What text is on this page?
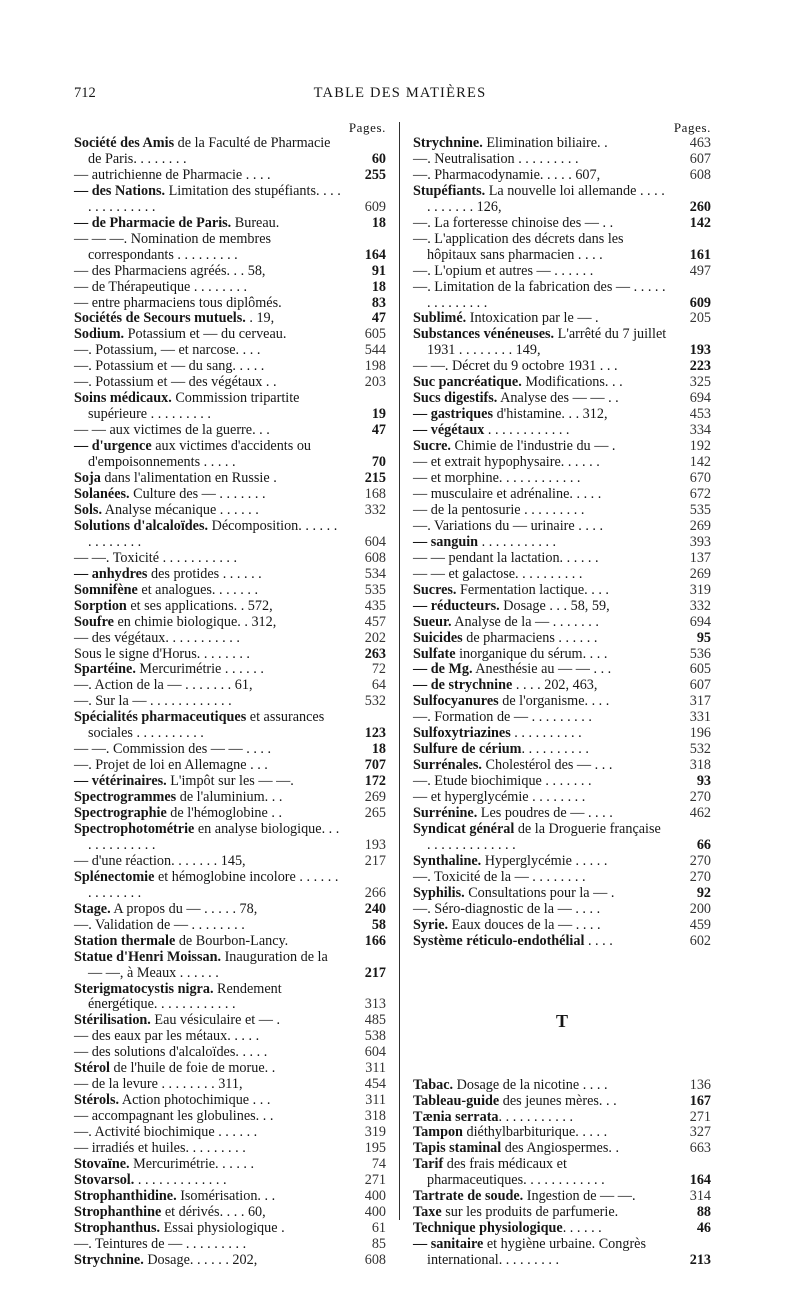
712	TABLE DES MATIÈRES
Pages.
Société des Amis de la Faculté de Pharmacie de Paris. . . . . . . .	60
— autrichienne de Pharmacie . . . .	255
— des Nations. Limitation des stupéfiants. . . . . . . . . . . . . .	609
— de Pharmacie de Paris. Bureau.	18
— — —. Nomination de membres correspondants . . . . . . . . .	164
— des Pharmaciens agréés. . . 58,	91
— de Thérapeutique . . . . . . . .	18
— entre pharmaciens tous diplômés.	83
Sociétés de Secours mutuels. . 19,	47
Sodium. Potassium et — du cerveau.	605
—. Potassium, — et narcose. . . .	544
—. Potassium et — du sang. . . . .	198
—. Potassium et — des végétaux . .	203
Soins médicaux. Commission tripartite supérieure . . . . . . . . .	19
— — aux victimes de la guerre. . .	47
— d'urgence aux victimes d'accidents ou d'empoisonnements . . . . .	70
Soja dans l'alimentation en Russie .	215
Solanées. Culture des — . . . . . . .	168
Sols. Analyse mécanique . . . . . .	332
Solutions d'alcaloïdes. Décomposition. . . . . . . . . . . . . .	604
— —. Toxicité . . . . . . . . . . .	608
— anhydres des protides . . . . . .	534
Somnifène et analogues. . . . . . .	535
Sorption et ses applications. . 572,	435
Soufre en chimie biologique. . 312,	457
— des végétaux. . . . . . . . . . .	202
Sous le signe d'Horus. . . . . . . .	263
Spartéine. Mercurimétrie . . . . . .	72
—. Action de la — . . . . . . . 61,	64
—. Sur la — . . . . . . . . . . . .	532
Spécialités pharmaceutiques et assurances sociales . . . . . . . . . .	123
— —. Commission des — — . . . .	18
—. Projet de loi en Allemagne . . .	707
— vétérinaires. L'impôt sur les — —.	172
Spectrogrammes de l'aluminium. . .	269
Spectrographie de l'hémoglobine . .	265
Spectrophotométrie en analyse biologique. . . . . . . . . . . . .	193
— d'une réaction. . . . . . . 145,	217
Splénectomie et hémoglobine incolore . . . . . . . . . . . . . .	266
Stage. A propos du — . . . . . 78,	240
—. Validation de — . . . . . . . .	58
Station thermale de Bourbon-Lancy.	166
Statue d'Henri Moissan. Inauguration de la — —, à Meaux . . . . . .	217
Sterigmatocystis nigra. Rendement énergétique. . . . . . . . . . . .	313
Stérilisation. Eau vésiculaire et — .	485
— des eaux par les métaux. . . . .	538
— des solutions d'alcaloïdes. . . . .	604
Stérol de l'huile de foie de morue. .	311
— de la levure . . . . . . . . 311,	454
Stérols. Action photochimique . . .	311
— accompagnant les globulines. . .	318
—. Activité biochimique . . . . . .	319
— irradiés et huiles. . . . . . . . .	195
Stovaïne. Mercurimétrie. . . . . .	74
Stovarsol. . . . . . . . . . . . . .	271
Strophanthidine. Isomérisation. . .	400
Strophanthine et dérivés. . . . 60,	400
Strophanthus. Essai physiologique .	61
—. Teintures de — . . . . . . . . .	85
Strychnine. Dosage. . . . . . 202,	608
Pages.
Strychnine. Elimination biliaire. .	463
—. Neutralisation . . . . . . . . .	607
—. Pharmacodynamie. . . . . 607,	608
Stupéfiants. La nouvelle loi allemande . . . . . . . . . . . 126,	260
—. La forteresse chinoise des — . .	142
—. L'application des décrets dans les hôpitaux sans pharmacien . . . .	161
—. L'opium et autres — . . . . . .	497
—. Limitation de la fabrication des — . . . . . . . . . . . . . .	609
Sublimé. Intoxication par le — .	205
Substances vénéneuses. L'arrêté du 7 juillet 1931 . . . . . . . . 149,	193
— —. Décret du 9 octobre 1931 . . .	223
Suc pancréatique. Modifications. . .	325
Sucs digestifs. Analyse des — — . .	694
— gastriques d'histamine. . . 312,	453
— végétaux . . . . . . . . . . . .	334
Sucre. Chimie de l'industrie du — .	192
— et extrait hypophysaire. . . . . .	142
— et morphine. . . . . . . . . . . .	670
— musculaire et adrénaline. . . . .	672
— de la pentosurie . . . . . . . . .	535
—. Variations du — urinaire . . . .	269
— sanguin . . . . . . . . . . .	393
— — pendant la lactation. . . . . .	137
— — et galactose. . . . . . . . . .	269
Sucres. Fermentation lactique. . . .	319
— réducteurs. Dosage . . . 58, 59,	332
Sueur. Analyse de la — . . . . . . .	694
Suicides de pharmaciens . . . . . .	95
Sulfate inorganique du sérum. . . .	536
— de Mg. Anesthésie au — — . . .	605
— de strychnine . . . . 202, 463,	607
Sulfocyanures de l'organisme. . . .	317
—. Formation de — . . . . . . . . .	331
Sulfoxytriazines . . . . . . . . . .	196
Sulfure de cérium. . . . . . . . . .	532
Surrénales. Cholestérol des — . . .	318
—. Etude biochimique . . . . . . .	93
— et hyperglycémie . . . . . . . .	270
Surrénine. Les poudres de — . . . .	462
Syndicat général de la Droguerie française . . . . . . . . . . . . .	66
Synthaline. Hyperglycémie . . . . .	270
—. Toxicité de la — . . . . . . . .	270
Syphilis. Consultations pour la — .	92
—. Séro-diagnostic de la — . . . .	200
Syrie. Eaux douces de la — . . . .	459
Système réticulo-endothélial . . . .	602
T
Tabac. Dosage de la nicotine . . . .	136
Tableau-guide des jeunes mères. . .	167
Tænia serrata. . . . . . . . . . .	271
Tampon diéthylbarbiturique. . . . .	327
Tapis staminal des Angiospermes. .	663
Tarif des frais médicaux et pharmaceutiques. . . . . . . . . . . .	164
Tartrate de soude. Ingestion de — —.	314
Taxe sur les produits de parfumerie.	88
Technique physiologique. . . . . .	46
— sanitaire et hygiène urbaine. Congrès international. . . . . . . . .	213
